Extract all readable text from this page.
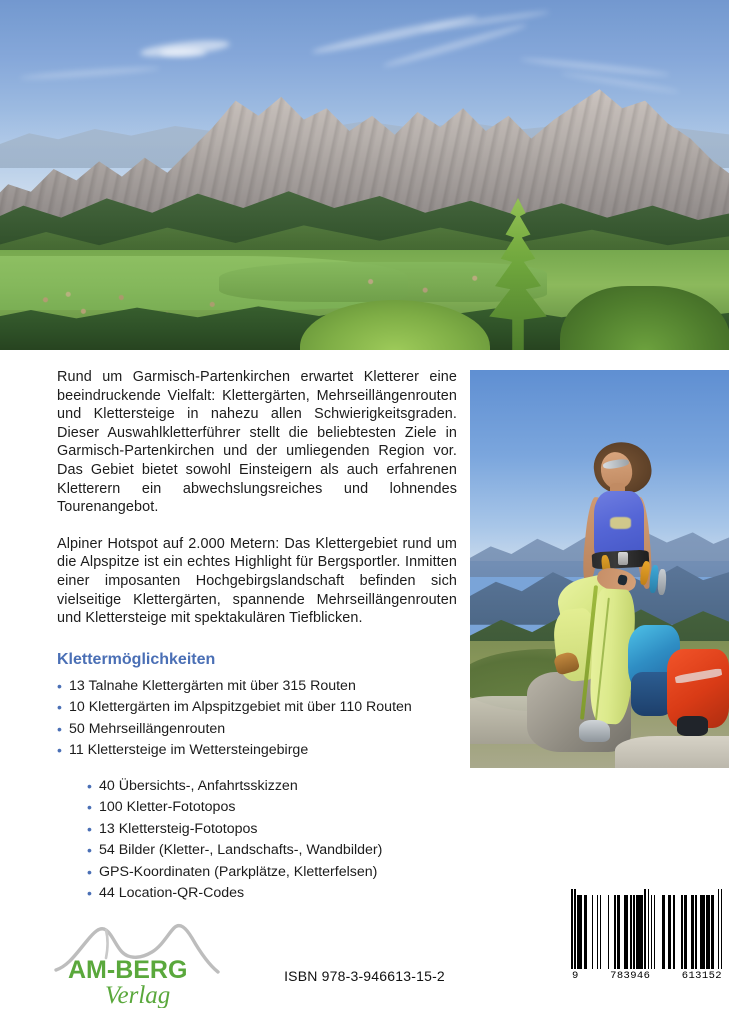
Rund um Garmisch-Partenkirchen erwartet Kletterer eine beeindruckende Vielfalt: Klettergärten, Mehrseillängenrouten und Klettersteige in nahezu allen Schwierigkeitsgraden. Dieser Auswahlkletterführer stellt die beliebtesten Ziele in Garmisch-Partenkirchen und der umliegenden Region vor. Das Gebiet bietet sowohl Einsteigern als auch erfahrenen Kletterern ein abwechslungsreiches und lohnendes Tourenangebot.

Alpiner Hotspot auf 2.000 Metern: Das Klettergebiet rund um die Alpspitze ist ein echtes Highlight für Bergsportler. Inmitten einer imposanten Hochgebirgslandschaft befinden sich vielseitige Klettergärten, spannende Mehrseillängenrouten und Klettersteige mit spektakulären Tiefblicken.

Klettermöglichkeiten
• 13 Talnahe Klettergärten mit über 315 Routen
• 10 Klettergärten im Alpspitzgebiet mit über 110 Routen
• 50 Mehrseillängenrouten
• 11 Klettersteige im Wettersteingebirge
• 40 Übersichts-, Anfahrtsskizzen
• 100 Kletter-Fototopos
• 13 Klettersteig-Fototopos
• 54 Bilder (Kletter-, Landschafts-, Wandbilder)
• GPS-Koordinaten (Parkplätze, Kletterfelsen)
• 44 Location-QR-Codes
AM-BERG
Verlag
ISBN 978-3-946613-15-2	9	783946	613152
